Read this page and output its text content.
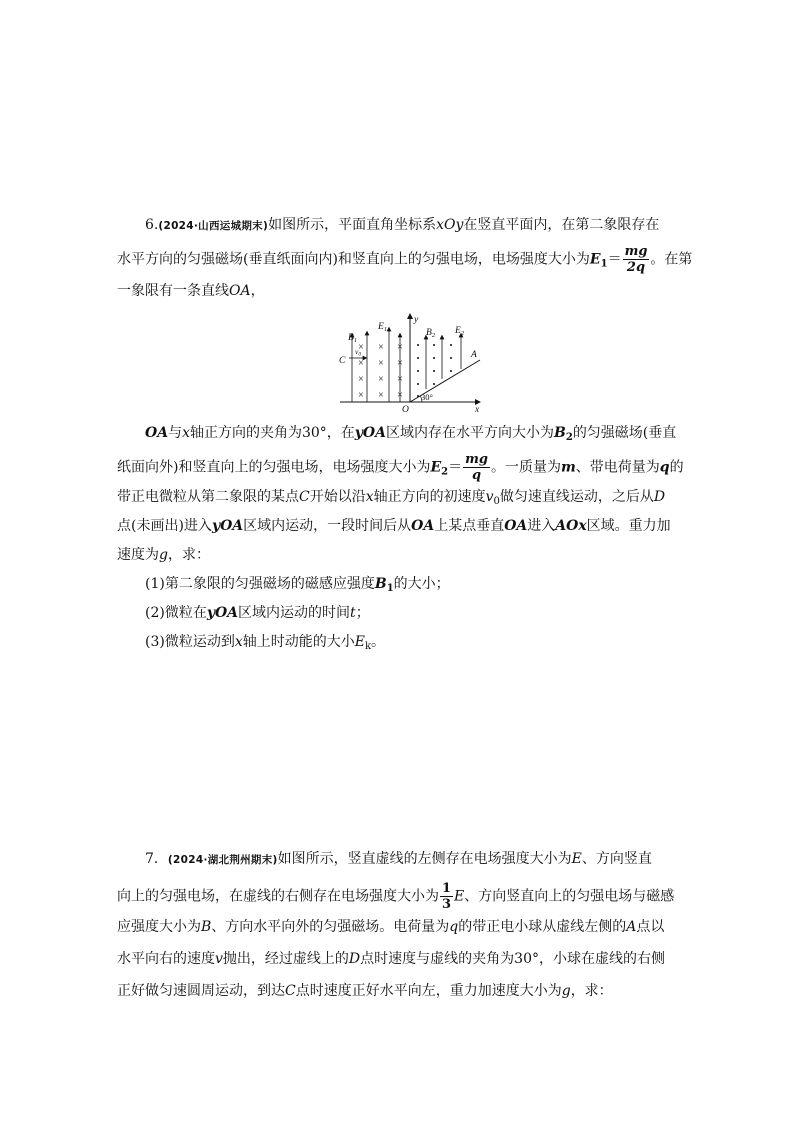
6.(2024·山西运城期末)如图所示，平面直角坐标系xOy在竖直平面内，在第二象限存在
水平方向的匀强磁场(垂直纸面向内)和竖直向上的匀强电场，电场强度大小为$E_1= \frac{mg}{2q}$ 。在第
一象限有一条直线OA，
× × ×
× × ×
× × ×
× × ×
$B_1$
$E_1$
y
$B_2$ $E_2$
A
C
$v_0$
30°
O	x
OA与x轴正方向的夹角为30°，在yOA区域内存在水平方向大小为$B_2$的匀强磁场(垂直
纸面向外)和竖直向上的匀强电场，电场强度大小为$E_2= \frac{mg}{q}$ 。一质量为m、带电荷量为q的
带正电微粒从第二象限的某点C开始以沿x轴正方向的初速度$v_0$做匀速直线运动，之后从D
点(未画出)进入yOA区域内运动，一段时间后从OA上某点垂直OA进入AOx区域。重力加
速度为g，求：
(1)第二象限的匀强磁场的磁感应强度$B_1$的大小；
(2)微粒在yOA区域内运动的时间t；
(3)微粒运动到x轴上时动能的大小$E_k$。
7．(2024·湖北荆州期末)如图所示，竖直虚线的左侧存在电场强度大小为E、方向竖直
向上的匀强电场，在虚线的右侧存在电场强度大小为 $\frac{1}{3}$ E、方向竖直向上的匀强电场与磁感
应强度大小为B、方向水平向外的匀强磁场。电荷量为q的带正电小球从虚线左侧的A点以
水平向右的速度v抛出，经过虚线上的D点时速度与虚线的夹角为30°，小球在虚线的右侧
正好做匀速圆周运动，到达C点时速度正好水平向左，重力加速度大小为g，求：
